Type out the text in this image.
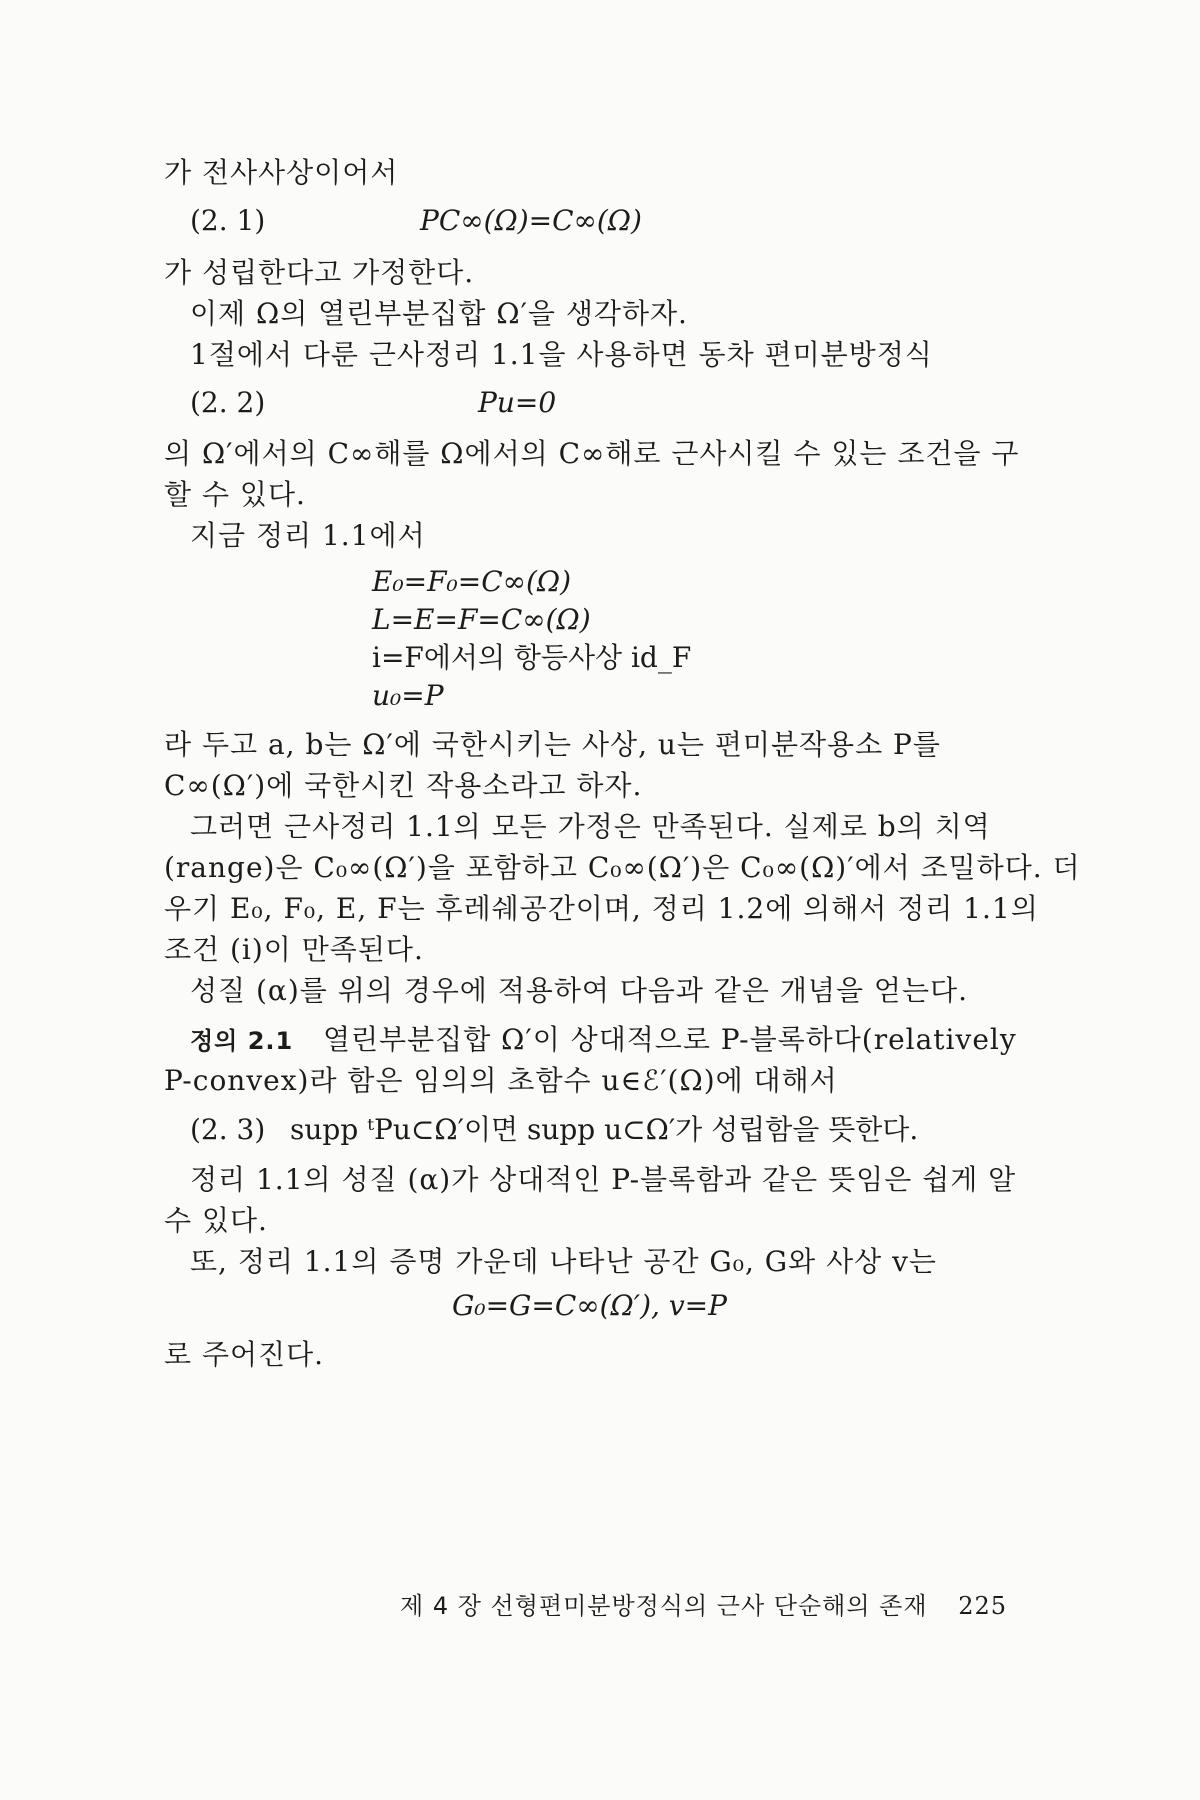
가 전사사상이어서
(2. 1)	PC∞(Ω)=C∞(Ω)
가 성립한다고 가정한다.
이제 Ω의 열린부분집합 Ω′을 생각하자.
1절에서 다룬 근사정리 1.1을 사용하면 동차 편미분방정식
(2. 2)	Pu=0
의 Ω′에서의 C∞해를 Ω에서의 C∞해로 근사시킬 수 있는 조건을 구
할 수 있다.
지금 정리 1.1에서
E₀=F₀=C∞(Ω)
L=E=F=C∞(Ω)
i=F에서의 항등사상 id_F
u₀=P
라 두고 a, b는 Ω′에 국한시키는 사상, u는 편미분작용소 P를
C∞(Ω′)에 국한시킨 작용소라고 하자.
그러면 근사정리 1.1의 모든 가정은 만족된다. 실제로 b의 치역
(range)은 C₀∞(Ω′)을 포함하고 C₀∞(Ω′)은 C₀∞(Ω)′에서 조밀하다. 더
우기 E₀, F₀, E, F는 후레쉐공간이며, 정리 1.2에 의해서 정리 1.1의
조건 (i)이 만족된다.
성질 (α)를 위의 경우에 적용하여 다음과 같은 개념을 얻는다.
정의 2.1 열린부분집합 Ω′이 상대적으로 P-블록하다(relatively
P-convex)라 함은 임의의 초함수 u∈ℰ′(Ω)에 대해서
(2. 3) supp ᵗPu⊂Ω′이면 supp u⊂Ω′가 성립함을 뜻한다.
정리 1.1의 성질 (α)가 상대적인 P-블록함과 같은 뜻임은 쉽게 알
수 있다.
또, 정리 1.1의 증명 가운데 나타난 공간 G₀, G와 사상 v는
G₀=G=C∞(Ω′), v=P
로 주어진다.
제 4 장 선형편미분방정식의 근사 단순해의 존재 225
